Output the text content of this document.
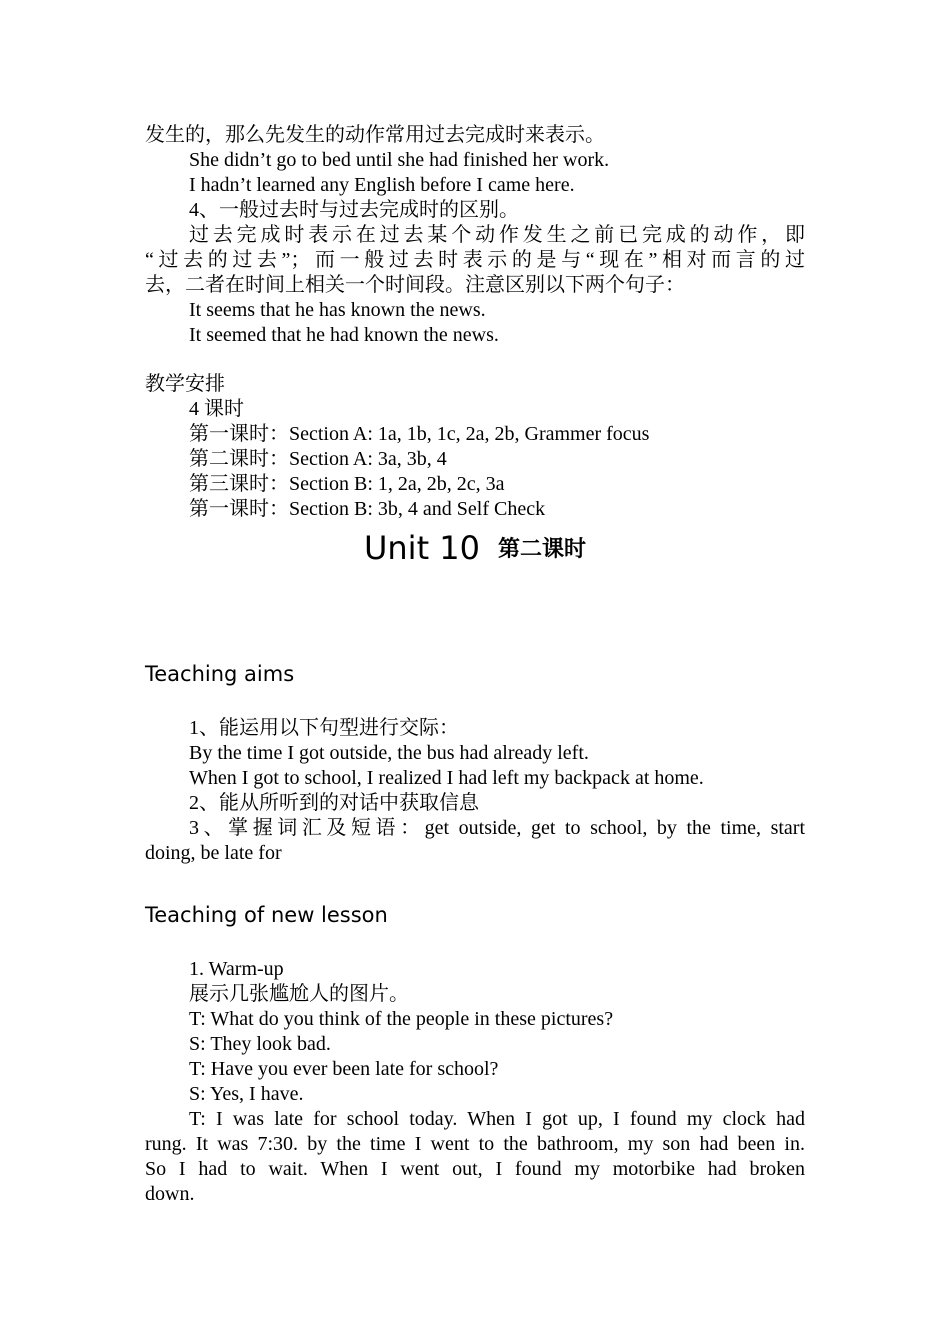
发生的，那么先发生的动作常用过去完成时来表示。
She didn’t go to bed until she had finished her work.
I hadn’t learned any English before I came here.
4、一般过去时与过去完成时的区别。
过去完成时表示在过去某个动作发生之前已完成的动作，即
“过去的过去”；而一般过去时表示的是与“现在”相对而言的过
去，二者在时间上相关一个时间段。注意区别以下两个句子：
It seems that he has known the news.
It seemed that he had known the news.
教学安排
4 课时
第一课时：Section A: 1a, 1b, 1c, 2a, 2b, Grammer focus
第二课时：Section A: 3a, 3b, 4
第三课时：Section B: 1, 2a, 2b, 2c, 3a
第一课时：Section B: 3b, 4 and Self Check
Teaching aims
1、能运用以下句型进行交际：
By the time I got outside, the bus had already left.
When I got to school, I realized I had left my backpack at home.
2、能从所听到的对话中获取信息
3、掌握词汇及短语：get outside, get to school, by the time, start
doing, be late for
Teaching of new lesson
1. Warm-up
展示几张尴尬人的图片。
T: What do you think of the people in these pictures?
S: They look bad.
T: Have you ever been late for school?
S: Yes, I have.
T: I was late for school today. When I got up, I found my clock had
rung. It was 7:30. by the time I went to the bathroom, my son had been in.
So I had to wait. When I went out, I found my motorbike had broken
down.
Unit 10 第二课时
